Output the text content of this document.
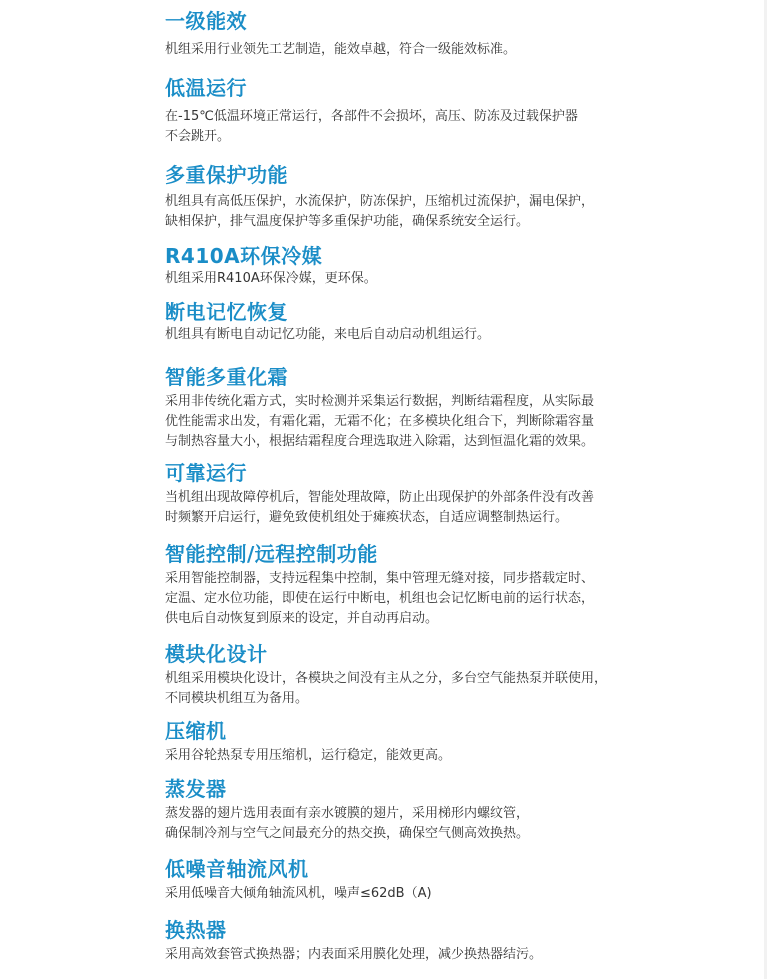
一级能效

机组采用行业领先工艺制造，能效卓越，符合一级能效标准。

低温运行

在-15℃低温环境正常运行，各部件不会损坏，高压、防冻及过载保护器
不会跳开。

多重保护功能

机组具有高低压保护，水流保护，防冻保护，压缩机过流保护，漏电保护，
缺相保护，排气温度保护等多重保护功能，确保系统安全运行。

R410A环保冷媒

机组采用R410A环保冷媒，更环保。

断电记忆恢复

机组具有断电自动记忆功能，来电后自动启动机组运行。

智能多重化霜

采用非传统化霜方式，实时检测并采集运行数据，判断结霜程度，从实际最
优性能需求出发，有霜化霜，无霜不化；在多模块化组合下，判断除霜容量
与制热容量大小，根据结霜程度合理选取进入除霜，达到恒温化霜的效果。

可靠运行

当机组出现故障停机后，智能处理故障，防止出现保护的外部条件没有改善
时频繁开启运行，避免致使机组处于瘫痪状态，自适应调整制热运行。

智能控制/远程控制功能

采用智能控制器，支持远程集中控制，集中管理无缝对接，同步搭载定时、
定温、定水位功能，即使在运行中断电，机组也会记忆断电前的运行状态，
供电后自动恢复到原来的设定，并自动再启动。

模块化设计

机组采用模块化设计，各模块之间没有主从之分，多台空气能热泵并联使用，
不同模块机组互为备用。

压缩机

采用谷轮热泵专用压缩机，运行稳定，能效更高。

蒸发器

蒸发器的翅片选用表面有亲水镀膜的翅片，采用梯形内螺纹管，
确保制冷剂与空气之间最充分的热交换，确保空气侧高效换热。

低噪音轴流风机

采用低噪音大倾角轴流风机，噪声≤62dB（A)

换热器

采用高效套管式换热器；内表面采用膜化处理，减少换热器结污。
